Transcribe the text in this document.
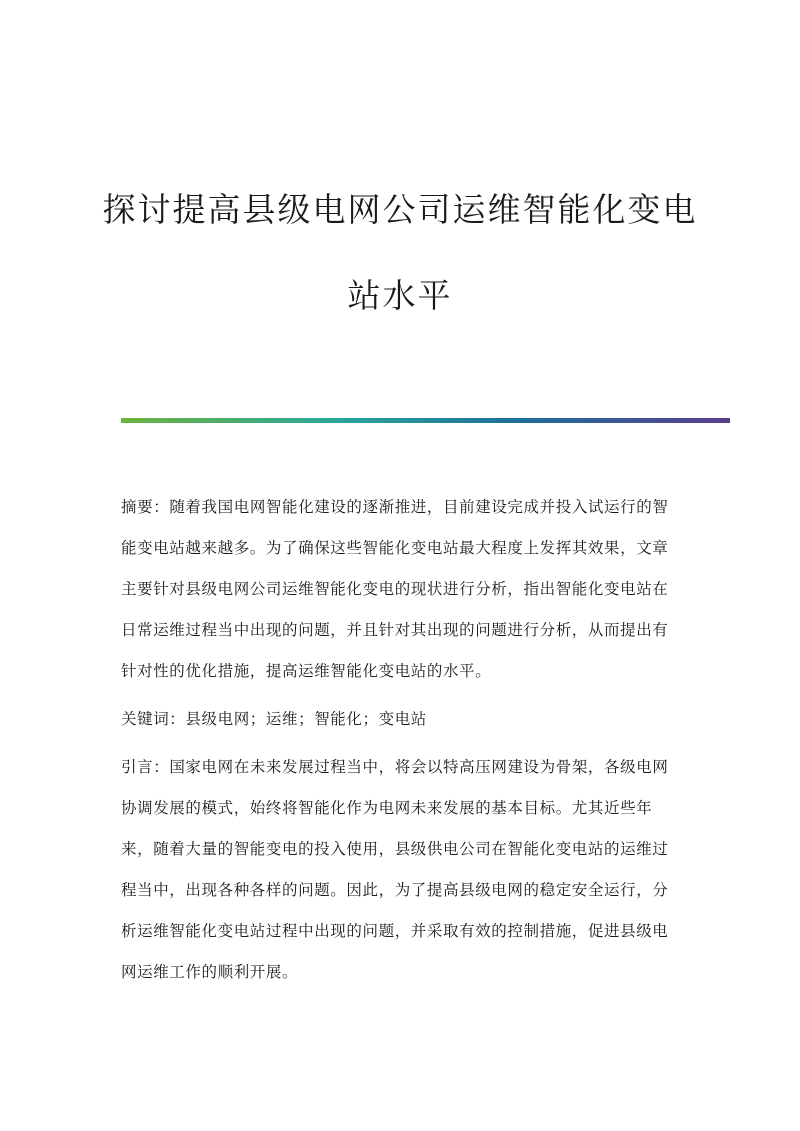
探讨提高县级电网公司运维智能化变电
站水平

摘要：随着我国电网智能化建设的逐渐推进，目前建设完成并投入试运行的智能变电站越来越多。为了确保这些智能化变电站最大程度上发挥其效果，文章主要针对县级电网公司运维智能化变电的现状进行分析，指出智能化变电站在日常运维过程当中出现的问题，并且针对其出现的问题进行分析，从而提出有针对性的优化措施，提高运维智能化变电站的水平。

关键词：县级电网；运维；智能化；变电站

引言：国家电网在未来发展过程当中，将会以特高压网建设为骨架，各级电网协调发展的模式，始终将智能化作为电网未来发展的基本目标。尤其近些年来，随着大量的智能变电的投入使用，县级供电公司在智能化变电站的运维过程当中，出现各种各样的问题。因此，为了提高县级电网的稳定安全运行，分析运维智能化变电站过程中出现的问题，并采取有效的控制措施，促进县级电网运维工作的顺利开展。
